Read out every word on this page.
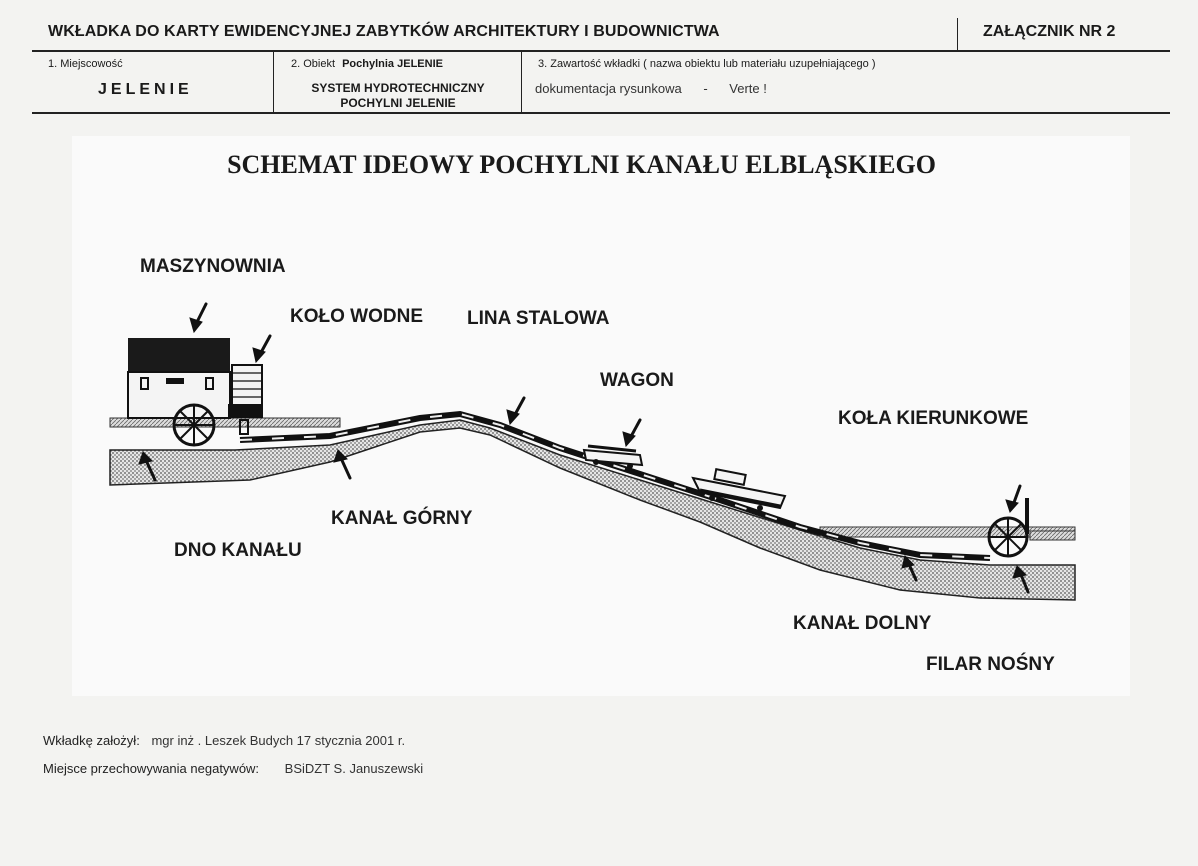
WKŁADKA DO KARTY EWIDENCYJNEJ ZABYTKÓW ARCHITEKTURY I BUDOWNICTWA	ZAŁĄCZNIK NR 2
1. Miejscowość
JELENIE
2. Obiekt Pochylnia JELENIE
SYSTEM HYDROTECHNICZNY
POCHYLNI JELENIE
3. Zawartość wkładki ( nazwa obiektu lub materiału uzupełniającego )
dokumentacja rysunkowa - Verte !
SCHEMAT IDEOWY POCHYLNI KANAŁU ELBLĄSKIEGO
MASZYNOWNIA
KOŁO WODNE LINA STALOWA
WAGON
KOŁA KIERUNKOWE
KANAŁ GÓRNY
DNO KANAŁU
KANAŁ DOLNY
FILAR NOŚNY
Wkładkę założył: mgr inż . Leszek Budych 17 stycznia 2001 r.
Miejsce przechowywania negatywów: BSiDZT S. Januszewski
